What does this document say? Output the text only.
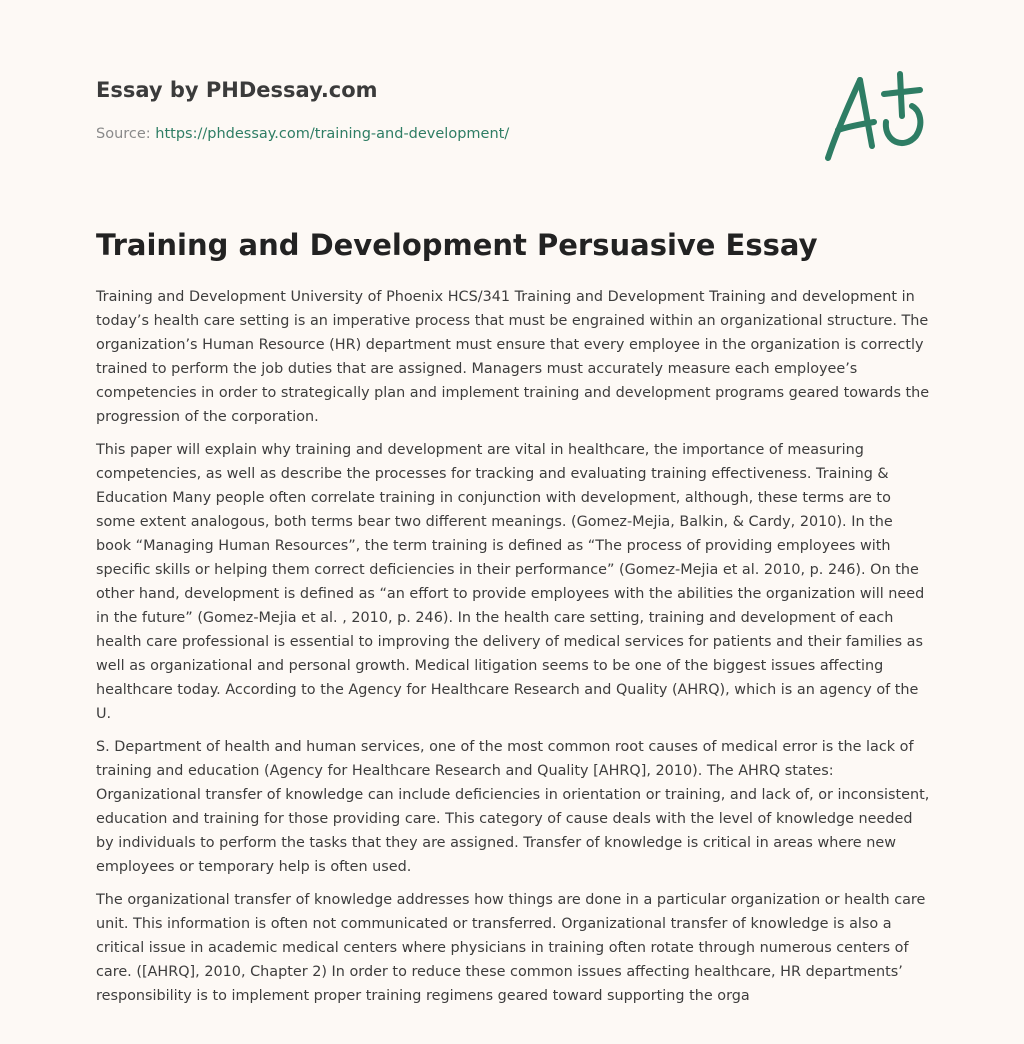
Essay by PHDessay.com
Source: https://phdessay.com/training-and-development/
Training and Development Persuasive Essay

Training and Development University of Phoenix HCS/341 Training and Development Training and development in today’s health care setting is an imperative process that must be engrained within an organizational structure. The organization’s Human Resource (HR) department must ensure that every employee in the organization is correctly trained to perform the job duties that are assigned. Managers must accurately measure each employee’s competencies in order to strategically plan and implement training and development programs geared towards the progression of the corporation.

This paper will explain why training and development are vital in healthcare, the importance of measuring competencies, as well as describe the processes for tracking and evaluating training effectiveness. Training & Education Many people often correlate training in conjunction with development, although, these terms are to some extent analogous, both terms bear two different meanings. (Gomez-Mejia, Balkin, & Cardy, 2010). In the book “Managing Human Resources”, the term training is defined as “The process of providing employees with specific skills or helping them correct deficiencies in their performance” (Gomez-Mejia et al. 2010, p. 246). On the other hand, development is defined as “an effort to provide employees with the abilities the organization will need in the future” (Gomez-Mejia et al. , 2010, p. 246). In the health care setting, training and development of each health care professional is essential to improving the delivery of medical services for patients and their families as well as organizational and personal growth. Medical litigation seems to be one of the biggest issues affecting healthcare today. According to the Agency for Healthcare Research and Quality (AHRQ), which is an agency of the U.

S. Department of health and human services, one of the most common root causes of medical error is the lack of training and education (Agency for Healthcare Research and Quality [AHRQ], 2010). The AHRQ states: Organizational transfer of knowledge can include deficiencies in orientation or training, and lack of, or inconsistent, education and training for those providing care. This category of cause deals with the level of knowledge needed by individuals to perform the tasks that they are assigned. Transfer of knowledge is critical in areas where new employees or temporary help is often used.

The organizational transfer of knowledge addresses how things are done in a particular organization or health care unit. This information is often not communicated or transferred. Organizational transfer of knowledge is also a critical issue in academic medical centers where physicians in training often rotate through numerous centers of care. ([AHRQ], 2010, Chapter 2) In order to reduce these common issues affecting healthcare, HR departments’ responsibility is to implement proper training regimens geared toward supporting the orga
